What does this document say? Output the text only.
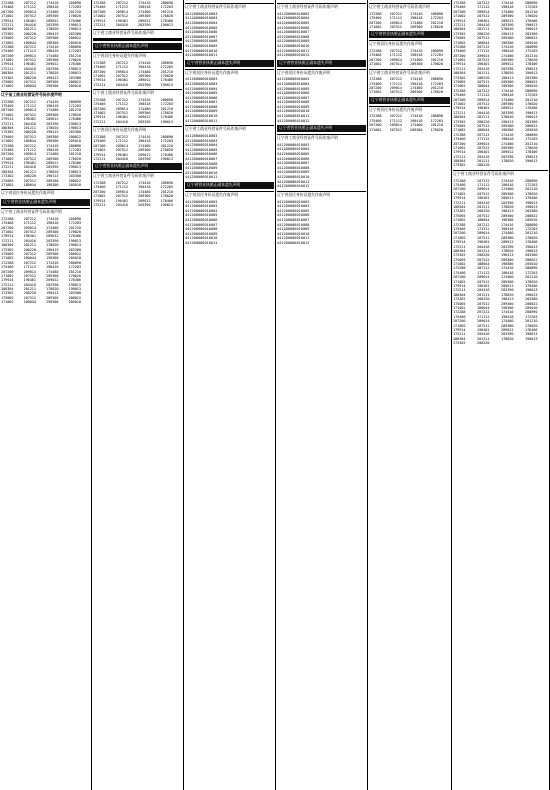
172288	207212	174416	280890
175466	171112	190418	172203
207200	209014	174480	201210
171002	207512	209300	178020
179914	196401	209012	178406
172211	204416	203390	190013
180304	201211	178020	190013
173302	200220	190413	203300
175005	207512	209300	200022
171002	180044	190306	205010
172288	207212	174416	280890
175466	171112	190418	172203
207200	209014	174480	201210
171002	207512	209300	178020
179914	196401	209012	178406
172211	204416	203390	190013
180304	201211	178020	190013
173302	200220	190413	203300
175005	207512	209300	200022
171002	180044	190306	205010
辽宁省工商业经营证件号码作废声明
172288	207212	174416	280890
175466	171112	190418	172203
207200	209014	174480	201210
171002	207512	209300	178020
179914	196401	209012	178406
172211	204416	203390	190013
180304	201211	178020	190013
173302	200220	190413	203300
175005	207512	209300	200022
171002	180044	190306	205010
172288	207212	174416	280890
175466	171112	190418	172203
207200	209014	174480	201210
171002	207512	209300	178020
179914	196401	209012	178406
172211	204416	203390	190013
180304	201211	178020	190013
173302	200220	190413	203300
175005	207512	209300	200022
171002	180044	190306	205010
辽宁省居民身份证遗失作废声明
辽宁省营业执照正副本遗失声明
辽宁省工商业经营证件号码作废声明
172288	207212	174416	280890
175466	171112	190418	172203
207200	209014	174480	201210
171002	207512	209300	178020
179914	196401	209012	178406
172211	204416	203390	190013
180304	201211	178020	190013
173302	200220	190413	203300
175005	207512	209300	200022
171002	180044	190306	205010
172288	207212	174416	280890
175466	171112	190418	172203
207200	209014	174480	201210
171002	207512	209300	178020
179914	196401	209012	178406
172211	204416	203390	190013
180304	201211	178020	190013
173302	200220	190413	203300
175005	207512	209300	200022
171002	180044	190306	205010
172288	207212	174416	280890
175466	171112	190418	172203
207200	209014	174480	201210
171002	207512	209300	178020
179914	196401	209012	178406
172211	204416	203390	190013
辽宁省工商业经营证件号码作废声明
辽宁省营业执照正副本遗失声明
辽宁省居民身份证遗失作废声明
172288	207212	174416	280890
175466	171112	190418	172203
207200	209014	174480	201210
171002	207512	209300	178020
179914	196401	209012	178406
172211	204416	203390	190013
辽宁省工商业经营证件号码作废声明
172288	207212	174416	280890
175466	171112	190418	172203
207200	209014	174480	201210
171002	207512	209300	178020
179914	196401	209012	178406
172211	204416	203390	190013
辽宁省居民身份证遗失作废声明
172288	207212	174416	280890
175466	171112	190418	172203
207200	209014	174480	201210
171002	207512	209300	178020
179914	196401	209012	178406
172211	204416	203390	190013
辽宁省营业执照正副本遗失声明
辽宁省工商业经营证件号码作废声明
172288	207212	174416	280890
175466	171112	190418	172203
207200	209014	174480	201210
171002	207512	209300	178020
179914	196401	209012	178406
172211	204416	203390	190013
辽宁省工商业经营证件号码作废声明
441200006010003
441200006010003
441200006010004
441200006010005
441200006010006
441200006010007
441200006010008
441200006010009
441200006010010
441200006010011
辽宁省营业执照正副本遗失声明
辽宁省居民身份证遗失作废声明
441200006010003
441200006010003
441200006010004
441200006010005
441200006010006
441200006010007
441200006010008
441200006010009
441200006010010
441200006010011
辽宁省工商业经营证件号码作废声明
441200006010003
441200006010003
441200006010004
441200006010005
441200006010006
441200006010007
441200006010008
441200006010009
441200006010010
441200006010011
辽宁省营业执照正副本遗失声明
辽宁省居民身份证遗失作废声明
441200006010003
441200006010003
441200006010004
441200006010005
441200006010006
441200006010007
441200006010008
441200006010009
441200006010010
441200006010011
辽宁省工商业经营证件号码作废声明
441200006010003
441200006010004
441200006010005
441200006010006
441200006010007
441200006010008
441200006010009
441200006010010
441200006010011
441200006010012
辽宁省营业执照正副本遗失声明
辽宁省居民身份证遗失作废声明
441200006010003
441200006010004
441200006010005
441200006010006
441200006010007
441200006010008
441200006010009
441200006010010
441200006010011
441200006010012
辽宁省营业执照正副本遗失声明
辽宁省工商业经营证件号码作废声明
441200006010003
441200006010004
441200006010005
441200006010006
441200006010007
441200006010008
441200006010009
441200006010010
441200006010011
441200006010012
辽宁省居民身份证遗失作废声明
441200006010003
441200006010004
441200006010005
441200006010006
441200006010007
441200006010008
441200006010009
441200006010010
441200006010011
441200006010012
辽宁省工商业经营证件号码作废声明
172288	207212	174416	280890
175466	171112	190418	172203
207200	209014	174480	201210
171002	207512	209300	178020
辽宁省营业执照正副本遗失声明
辽宁省居民身份证遗失作废声明
172288	207212	174416	280890
175466	171112	190418	172203
207200	209014	174480	201210
171002	207512	209300	178020
辽宁省工商业经营证件号码作废声明
172288	207212	174416	280890
175466	171112	190418	172203
207200	209014	174480	201210
171002	207512	209300	178020
辽宁省营业执照正副本遗失声明
辽宁省居民身份证遗失作废声明
172288	207212	174416	280890
175466	171112	190418	172203
207200	209014	174480	201210
171002	207512	209300	178020
172288	207212	174416	280890
175466	171112	190418	172203
207200	209014	174480	201210
171002	207512	209300	178020
179914	196401	209012	178406
172211	204416	203390	190013
180304	201211	178020	190013
173302	200220	190413	203300
175005	207512	209300	200022
171002	180044	190306	205010
172288	207212	174416	280890
175466	171112	190418	172203
207200	209014	174480	201210
171002	207512	209300	178020
179914	196401	209012	178406
172211	204416	203390	190013
180304	201211	178020	190013
173302	200220	190413	203300
175005	207512	209300	200022
171002	180044	190306	205010
172288	207212	174416	280890
175466	171112	190418	172203
207200	209014	174480	201210
171002	207512	209300	178020
179914	196401	209012	178406
172211	204416	203390	190013
180304	201211	178020	190013
173302	200220	190413	203300
175005	207512	209300	200022
171002	180044	190306	205010
172288	207212	174416	280890
175466	171112	190418	172203
207200	209014	174480	201210
171002	207512	209300	178020
179914	196401	209012	178406
172211	204416	203390	190013
180304	201211	178020	190013
173302	200220
辽宁省工商业经营证件号码作废声明
172288	207212	174416	280890
175466	171112	190418	172203
207200	209014	174480	201210
171002	207512	209300	178020
179914	196401	209012	178406
172211	204416	203390	190013
180304	201211	178020	190013
173302	200220	190413	203300
175005	207512	209300	200022
171002	180044	190306	205010
172288	207212	174416	280890
175466	171112	190418	172203
207200	209014	174480	201210
171002	207512	209300	178020
179914	196401	209012	178406
172211	204416	203390	190013
180304	201211	178020	190013
173302	200220	190413	203300
175005	207512	209300	200022
171002	180044	190306	205010
172288	207212	174416	280890
175466	171112	190418	172203
207200	209014	174480	201210
171002	207512	209300	178020
179914	196401	209012	178406
172211	204416	203390	190013
180304	201211	178020	190013
173302	200220	190413	203300
175005	207512	209300	200022
171002	180044	190306	205010
172288	207212	174416	280890
175466	171112	190418	172203
207200	209014	174480	201210
171002	207512	209300	178020
179914	196401	209012	178406
172211	204416	203390	190013
180304	201211	178020	190013
173302	200220
